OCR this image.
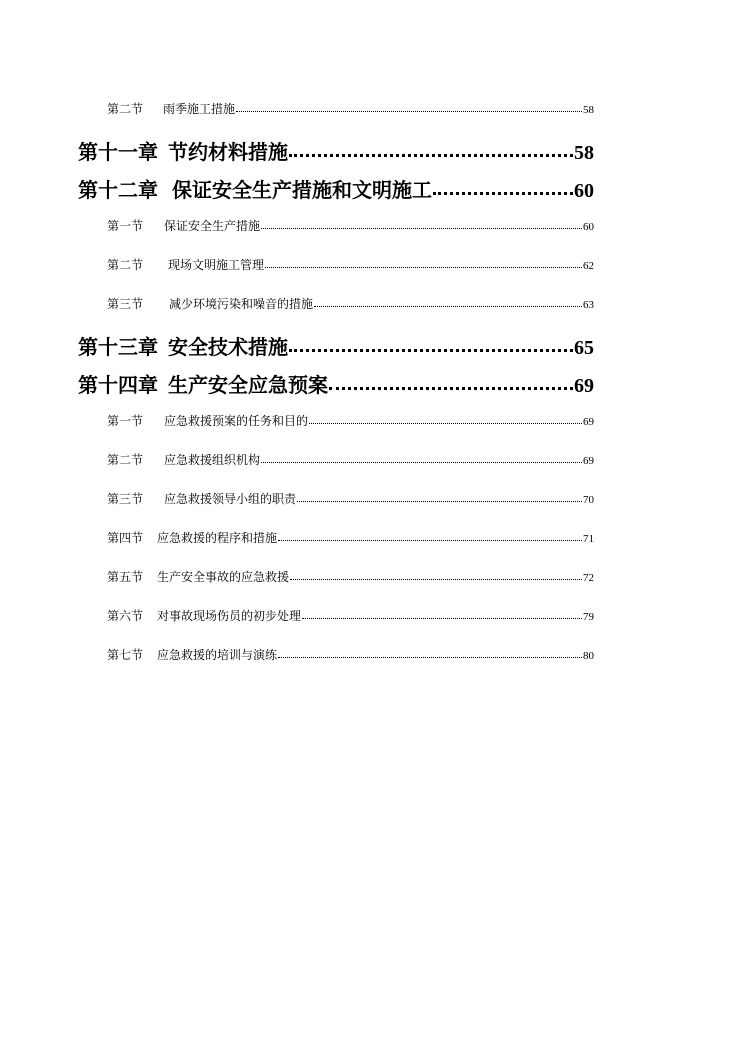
第二节 雨季施工措施	58
第十一章 节约材料措施	58
第十二章 保证安全生产措施和文明施工	60
第一节 保证安全生产措施	60
第二节 现场文明施工管理	62
第三节 减少环境污染和噪音的措施	63
第十三章 安全技术措施	65
第十四章 生产安全应急预案	69
第一节 应急救援预案的任务和目的	69
第二节 应急救援组织机构	69
第三节 应急救援领导小组的职责	70
第四节 应急救援的程序和措施	71
第五节 生产安全事故的应急救援	72
第六节 对事故现场伤员的初步处理	79
第七节 应急救援的培训与演练	80
